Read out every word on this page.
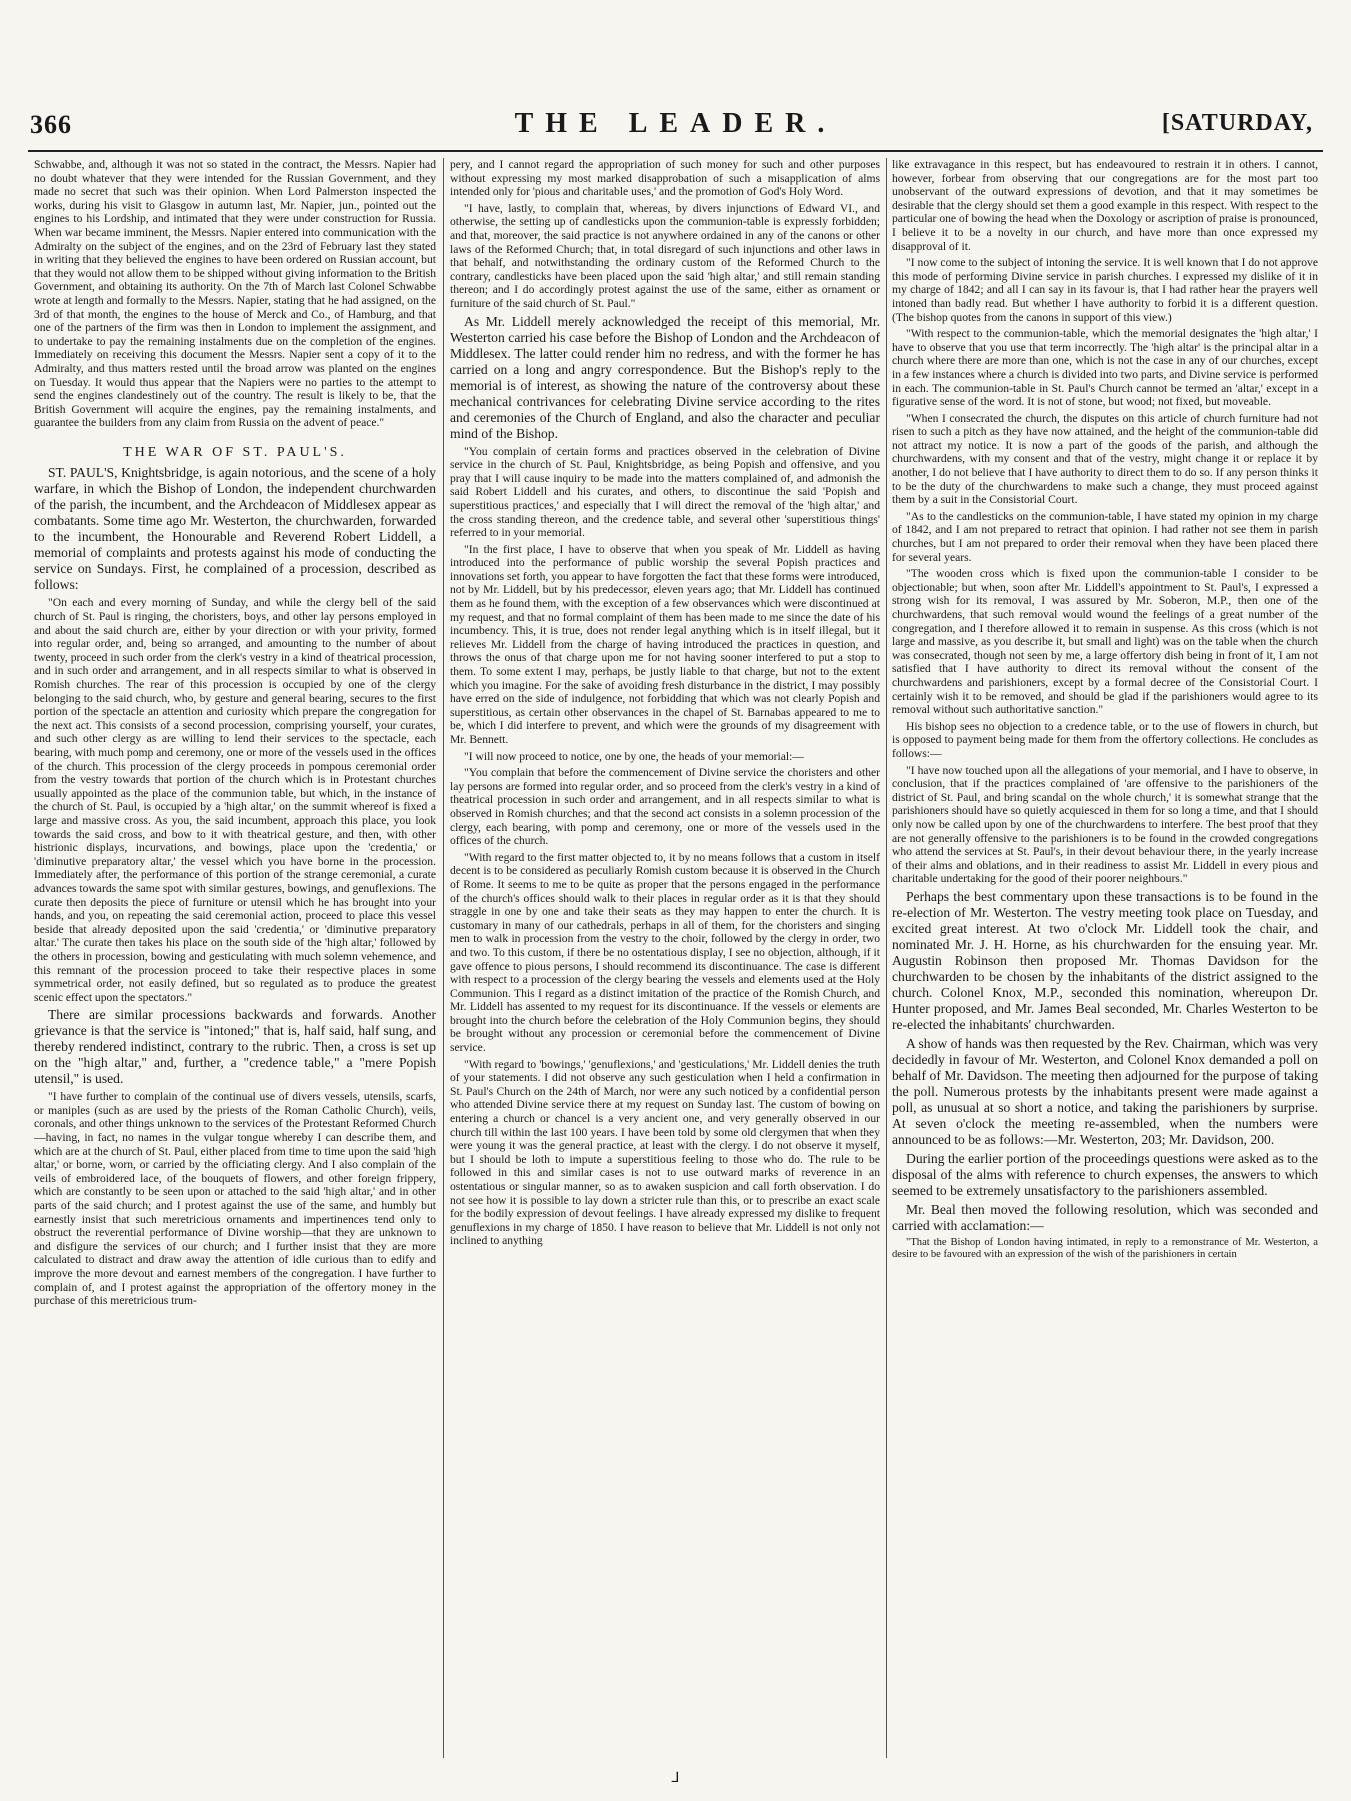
366	THE LEADER.	[SATURDAY,

Schwabbe, and, although it was not so stated in the contract, the Messrs. Napier had no doubt whatever that they were intended for the Russian Government, and they made no secret that such was their opinion. When Lord Palmerston inspected the works, during his visit to Glasgow in autumn last, Mr. Napier, jun., pointed out the engines to his Lordship, and intimated that they were under construction for Russia. When war became imminent, the Messrs. Napier entered into communication with the Admiralty on the subject of the engines, and on the 23rd of February last they stated in writing that they believed the engines to have been ordered on Russian account, but that they would not allow them to be shipped without giving information to the British Government, and obtaining its authority. On the 7th of March last Colonel Schwabbe wrote at length and formally to the Messrs. Napier, stating that he had assigned, on the 3rd of that month, the engines to the house of Merck and Co., of Hamburg, and that one of the partners of the firm was then in London to implement the assignment, and to undertake to pay the remaining instalments due on the completion of the engines. Immediately on receiving this document the Messrs. Napier sent a copy of it to the Admiralty, and thus matters rested until the broad arrow was planted on the engines on Tuesday. It would thus appear that the Napiers were no parties to the attempt to send the engines clandestinely out of the country. The result is likely to be, that the British Government will acquire the engines, pay the remaining instalments, and guarantee the builders from any claim from Russia on the advent of peace."

THE WAR OF ST. PAUL'S.

ST. PAUL'S, Knightsbridge, is again notorious, and the scene of a holy warfare, in which the Bishop of London, the independent churchwarden of the parish, the incumbent, and the Archdeacon of Middlesex appear as combatants. Some time ago Mr. Westerton, the churchwarden, forwarded to the incumbent, the Honourable and Reverend Robert Liddell, a memorial of complaints and protests against his mode of conducting the service on Sundays. First, he complained of a procession, described as follows:

"On each and every morning of Sunday, and while the clergy bell of the said church of St. Paul is ringing, the choristers, boys, and other lay persons employed in and about the said church are, either by your direction or with your privity, formed into regular order, and, being so arranged, and amounting to the number of about twenty, proceed in such order from the clerk's vestry in a kind of theatrical procession, and in such order and arrangement, and in all respects similar to what is observed in Romish churches. The rear of this procession is occupied by one of the clergy belonging to the said church, who, by gesture and general bearing, secures to the first portion of the spectacle an attention and curiosity which prepare the congregation for the next act. This consists of a second procession, comprising yourself, your curates, and such other clergy as are willing to lend their services to the spectacle, each bearing, with much pomp and ceremony, one or more of the vessels used in the offices of the church. This procession of the clergy proceeds in pompous ceremonial order from the vestry towards that portion of the church which is in Protestant churches usually appointed as the place of the communion table, but which, in the instance of the church of St. Paul, is occupied by a 'high altar,' on the summit whereof is fixed a large and massive cross. As you, the said incumbent, approach this place, you look towards the said cross, and bow to it with theatrical gesture, and then, with other histrionic displays, incurvations, and bowings, place upon the 'credentia,' or 'diminutive preparatory altar,' the vessel which you have borne in the procession. Immediately after, the performance of this portion of the strange ceremonial, a curate advances towards the same spot with similar gestures, bowings, and genuflexions. The curate then deposits the piece of furniture or utensil which he has brought into your hands, and you, on repeating the said ceremonial action, proceed to place this vessel beside that already deposited upon the said 'credentia,' or 'diminutive preparatory altar.' The curate then takes his place on the south side of the 'high altar,' followed by the others in procession, bowing and gesticulating with much solemn vehemence, and this remnant of the procession proceed to take their respective places in some symmetrical order, not easily defined, but so regulated as to produce the greatest scenic effect upon the spectators."

There are similar processions backwards and forwards. Another grievance is that the service is "intoned;" that is, half said, half sung, and thereby rendered indistinct, contrary to the rubric. Then, a cross is set up on the "high altar," and, further, a "credence table," a "mere Popish utensil," is used.

"I have further to complain of the continual use of divers vessels, utensils, scarfs, or maniples (such as are used by the priests of the Roman Catholic Church), veils, coronals, and other things unknown to the services of the Protestant Reformed Church—having, in fact, no names in the vulgar tongue whereby I can describe them, and which are at the church of St. Paul, either placed from time to time upon the said 'high altar,' or borne, worn, or carried by the officiating clergy. And I also complain of the veils of embroidered lace, of the bouquets of flowers, and other foreign frippery, which are constantly to be seen upon or attached to the said 'high altar,' and in other parts of the said church; and I protest against the use of the same, and humbly but earnestly insist that such meretricious ornaments and impertinences tend only to obstruct the reverential performance of Divine worship—that they are unknown to and disfigure the services of our church; and I further insist that they are more calculated to distract and draw away the attention of idle curious than to edify and improve the more devout and earnest members of the congregation. I have further to complain of, and I protest against the appropriation of the offertory money in the purchase of this meretricious trum-

pery, and I cannot regard the appropriation of such money for such and other purposes without expressing my most marked disapprobation of such a misapplication of alms intended only for 'pious and charitable uses,' and the promotion of God's Holy Word.

"I have, lastly, to complain that, whereas, by divers injunctions of Edward VI., and otherwise, the setting up of candlesticks upon the communion-table is expressly forbidden; and that, moreover, the said practice is not anywhere ordained in any of the canons or other laws of the Reformed Church; that, in total disregard of such injunctions and other laws in that behalf, and notwithstanding the ordinary custom of the Reformed Church to the contrary, candlesticks have been placed upon the said 'high altar,' and still remain standing thereon; and I do accordingly protest against the use of the same, either as ornament or furniture of the said church of St. Paul."

As Mr. Liddell merely acknowledged the receipt of this memorial, Mr. Westerton carried his case before the Bishop of London and the Archdeacon of Middlesex. The latter could render him no redress, and with the former he has carried on a long and angry correspondence. But the Bishop's reply to the memorial is of interest, as showing the nature of the controversy about these mechanical contrivances for celebrating Divine service according to the rites and ceremonies of the Church of England, and also the character and peculiar mind of the Bishop.

"You complain of certain forms and practices observed in the celebration of Divine service in the church of St. Paul, Knightsbridge, as being Popish and offensive, and you pray that I will cause inquiry to be made into the matters complained of, and admonish the said Robert Liddell and his curates, and others, to discontinue the said 'Popish and superstitious practices,' and especially that I will direct the removal of the 'high altar,' and the cross standing thereon, and the credence table, and several other 'superstitious things' referred to in your memorial.

"In the first place, I have to observe that when you speak of Mr. Liddell as having introduced into the performance of public worship the several Popish practices and innovations set forth, you appear to have forgotten the fact that these forms were introduced, not by Mr. Liddell, but by his predecessor, eleven years ago; that Mr. Liddell has continued them as he found them, with the exception of a few observances which were discontinued at my request, and that no formal complaint of them has been made to me since the date of his incumbency. This, it is true, does not render legal anything which is in itself illegal, but it relieves Mr. Liddell from the charge of having introduced the practices in question, and throws the onus of that charge upon me for not having sooner interfered to put a stop to them. To some extent I may, perhaps, be justly liable to that charge, but not to the extent which you imagine. For the sake of avoiding fresh disturbance in the district, I may possibly have erred on the side of indulgence, not forbidding that which was not clearly Popish and superstitious, as certain other observances in the chapel of St. Barnabas appeared to me to be, which I did interfere to prevent, and which were the grounds of my disagreement with Mr. Bennett.

"I will now proceed to notice, one by one, the heads of your memorial:—

"You complain that before the commencement of Divine service the choristers and other lay persons are formed into regular order, and so proceed from the clerk's vestry in a kind of theatrical procession in such order and arrangement, and in all respects similar to what is observed in Romish churches; and that the second act consists in a solemn procession of the clergy, each bearing, with pomp and ceremony, one or more of the vessels used in the offices of the church.

"With regard to the first matter objected to, it by no means follows that a custom in itself decent is to be considered as peculiarly Romish custom because it is observed in the Church of Rome. It seems to me to be quite as proper that the persons engaged in the performance of the church's offices should walk to their places in regular order as it is that they should straggle in one by one and take their seats as they may happen to enter the church. It is customary in many of our cathedrals, perhaps in all of them, for the choristers and singing men to walk in procession from the vestry to the choir, followed by the clergy in order, two and two. To this custom, if there be no ostentatious display, I see no objection, although, if it gave offence to pious persons, I should recommend its discontinuance. The case is different with respect to a procession of the clergy bearing the vessels and elements used at the Holy Communion. This I regard as a distinct imitation of the practice of the Romish Church, and Mr. Liddell has assented to my request for its discontinuance. If the vessels or elements are brought into the church before the celebration of the Holy Communion begins, they should be brought without any procession or ceremonial before the commencement of Divine service.

"With regard to 'bowings,' 'genuflexions,' and 'gesticulations,' Mr. Liddell denies the truth of your statements. I did not observe any such gesticulation when I held a confirmation in St. Paul's Church on the 24th of March, nor were any such noticed by a confidential person who attended Divine service there at my request on Sunday last. The custom of bowing on entering a church or chancel is a very ancient one, and very generally observed in our church till within the last 100 years. I have been told by some old clergymen that when they were young it was the general practice, at least with the clergy. I do not observe it myself, but I should be loth to impute a superstitious feeling to those who do. The rule to be followed in this and similar cases is not to use outward marks of reverence in an ostentatious or singular manner, so as to awaken suspicion and call forth observation. I do not see how it is possible to lay down a stricter rule than this, or to prescribe an exact scale for the bodily expression of devout feelings. I have already expressed my dislike to frequent genuflexions in my charge of 1850. I have reason to believe that Mr. Liddell is not only not inclined to anything

like extravagance in this respect, but has endeavoured to restrain it in others. I cannot, however, forbear from observing that our congregations are for the most part too unobservant of the outward expressions of devotion, and that it may sometimes be desirable that the clergy should set them a good example in this respect. With respect to the particular one of bowing the head when the Doxology or ascription of praise is pronounced, I believe it to be a novelty in our church, and have more than once expressed my disapproval of it.

"I now come to the subject of intoning the service. It is well known that I do not approve this mode of performing Divine service in parish churches. I expressed my dislike of it in my charge of 1842; and all I can say in its favour is, that I had rather hear the prayers well intoned than badly read. But whether I have authority to forbid it is a different question. (The bishop quotes from the canons in support of this view.)

"With respect to the communion-table, which the memorial designates the 'high altar,' I have to observe that you use that term incorrectly. The 'high altar' is the principal altar in a church where there are more than one, which is not the case in any of our churches, except in a few instances where a church is divided into two parts, and Divine service is performed in each. The communion-table in St. Paul's Church cannot be termed an 'altar,' except in a figurative sense of the word. It is not of stone, but wood; not fixed, but moveable.

"When I consecrated the church, the disputes on this article of church furniture had not risen to such a pitch as they have now attained, and the height of the communion-table did not attract my notice. It is now a part of the goods of the parish, and although the churchwardens, with my consent and that of the vestry, might change it or replace it by another, I do not believe that I have authority to direct them to do so. If any person thinks it to be the duty of the churchwardens to make such a change, they must proceed against them by a suit in the Consistorial Court.

"As to the candlesticks on the communion-table, I have stated my opinion in my charge of 1842, and I am not prepared to retract that opinion. I had rather not see them in parish churches, but I am not prepared to order their removal when they have been placed there for several years.

"The wooden cross which is fixed upon the communion-table I consider to be objectionable; but when, soon after Mr. Liddell's appointment to St. Paul's, I expressed a strong wish for its removal, I was assured by Mr. Soberon, M.P., then one of the churchwardens, that such removal would wound the feelings of a great number of the congregation, and I therefore allowed it to remain in suspense. As this cross (which is not large and massive, as you describe it, but small and light) was on the table when the church was consecrated, though not seen by me, a large offertory dish being in front of it, I am not satisfied that I have authority to direct its removal without the consent of the churchwardens and parishioners, except by a formal decree of the Consistorial Court. I certainly wish it to be removed, and should be glad if the parishioners would agree to its removal without such authoritative sanction."

His bishop sees no objection to a credence table, or to the use of flowers in church, but is opposed to payment being made for them from the offertory collections. He concludes as follows:—

"I have now touched upon all the allegations of your memorial, and I have to observe, in conclusion, that if the practices complained of 'are offensive to the parishioners of the district of St. Paul, and bring scandal on the whole church,' it is somewhat strange that the parishioners should have so quietly acquiesced in them for so long a time, and that I should only now be called upon by one of the churchwardens to interfere. The best proof that they are not generally offensive to the parishioners is to be found in the crowded congregations who attend the services at St. Paul's, in their devout behaviour there, in the yearly increase of their alms and oblations, and in their readiness to assist Mr. Liddell in every pious and charitable undertaking for the good of their poorer neighbours."

Perhaps the best commentary upon these transactions is to be found in the re-election of Mr. Westerton. The vestry meeting took place on Tuesday, and excited great interest. At two o'clock Mr. Liddell took the chair, and nominated Mr. J. H. Horne, as his churchwarden for the ensuing year. Mr. Augustin Robinson then proposed Mr. Thomas Davidson for the churchwarden to be chosen by the inhabitants of the district assigned to the church. Colonel Knox, M.P., seconded this nomination, whereupon Dr. Hunter proposed, and Mr. James Beal seconded, Mr. Charles Westerton to be re-elected the inhabitants' churchwarden.

A show of hands was then requested by the Rev. Chairman, which was very decidedly in favour of Mr. Westerton, and Colonel Knox demanded a poll on behalf of Mr. Davidson. The meeting then adjourned for the purpose of taking the poll. Numerous protests by the inhabitants present were made against a poll, as unusual at so short a notice, and taking the parishioners by surprise. At seven o'clock the meeting re-assembled, when the numbers were announced to be as follows:—Mr. Westerton, 203; Mr. Davidson, 200.

During the earlier portion of the proceedings questions were asked as to the disposal of the alms with reference to church expenses, the answers to which seemed to be extremely unsatisfactory to the parishioners assembled.

Mr. Beal then moved the following resolution, which was seconded and carried with acclamation:—

"That the Bishop of London having intimated, in reply to a remonstrance of Mr. Westerton, a desire to be favoured with an expression of the wish of the parishioners in certain

⅃
